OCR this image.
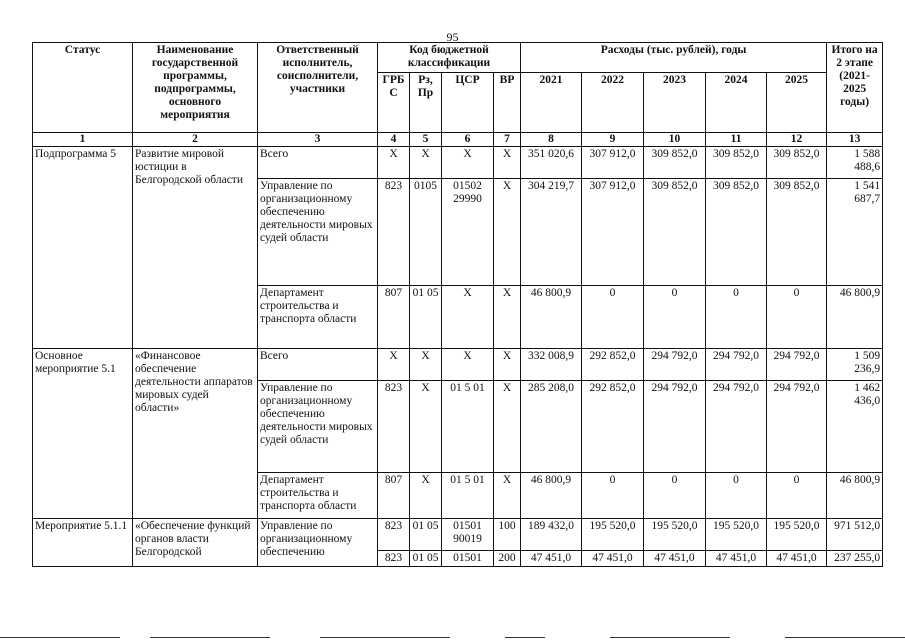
95
Статус	Наименование государственной программы, подпрограммы, основного мероприятия	Ответственный исполнитель, соисполнители, участники	Код бюджетной классификации				Расходы (тыс. рублей), годы					Итого на 2 этапе (2021-2025 годы)
			ГРБ С	Рз, Пр	ЦСР	ВР	2021	2022	2023	2024	2025	
1	2	3	4	5	6	7	8	9	10	11	12	13
Подпрограмма 5	Развитие мировой юстиции в Белгородской области	Всего	X	X	X	X	351 020,6	307 912,0	309 852,0	309 852,0	309 852,0	1 588 488,6
		Управление по организационному обеспечению деятельности мировых судей области	823	0105	01502 29990	X	304 219,7	307 912,0	309 852,0	309 852,0	309 852,0	1 541 687,7
		Департамент строительства и транспорта области	807	01 05	X	X	46 800,9	0	0	0	0	46 800,9
Основное мероприятие 5.1	«Финансовое обеспечение деятельности аппаратов мировых судей области»	Всего	X	X	X	X	332 008,9	292 852,0	294 792,0	294 792,0	294 792,0	1 509 236,9
		Управление по организационному обеспечению деятельности мировых судей области	823	X	01 5 01	X	285 208,0	292 852,0	294 792,0	294 792,0	294 792,0	1 462 436,0
		Департамент строительства и транспорта области	807	X	01 5 01	X	46 800,9	0	0	0	0	46 800,9
Мероприятие 5.1.1	«Обеспечение функций органов власти Белгородской	Управление по организационному обеспечению	823	01 05	01501 90019	100	189 432,0	195 520,0	195 520,0	195 520,0	195 520,0	971 512,0
			823	01 05	01501	200	47 451,0	47 451,0	47 451,0	47 451,0	47 451,0	237 255,0
